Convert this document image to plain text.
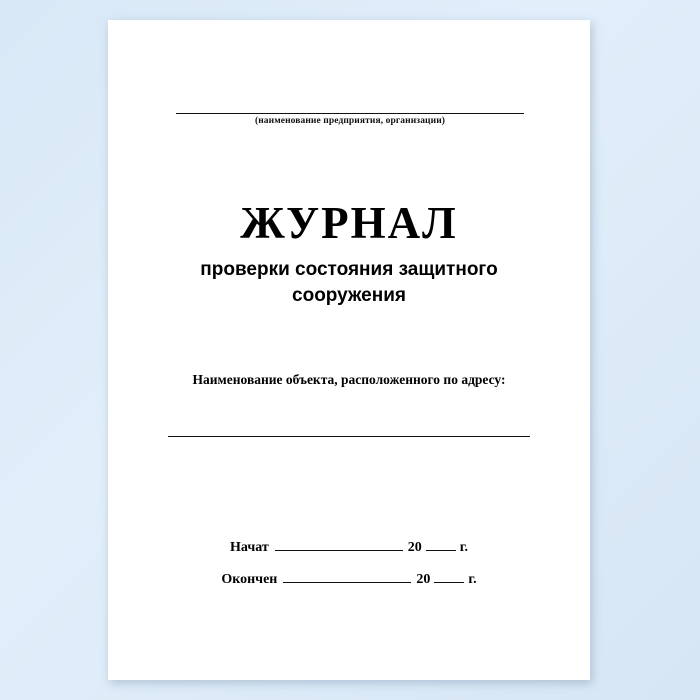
(наименование предприятия, организации)
ЖУРНАЛ
проверки состояния защитного сооружения
Наименование объекта, расположенного по адресу:
Начат	20	г.
Окончен	20	г.
